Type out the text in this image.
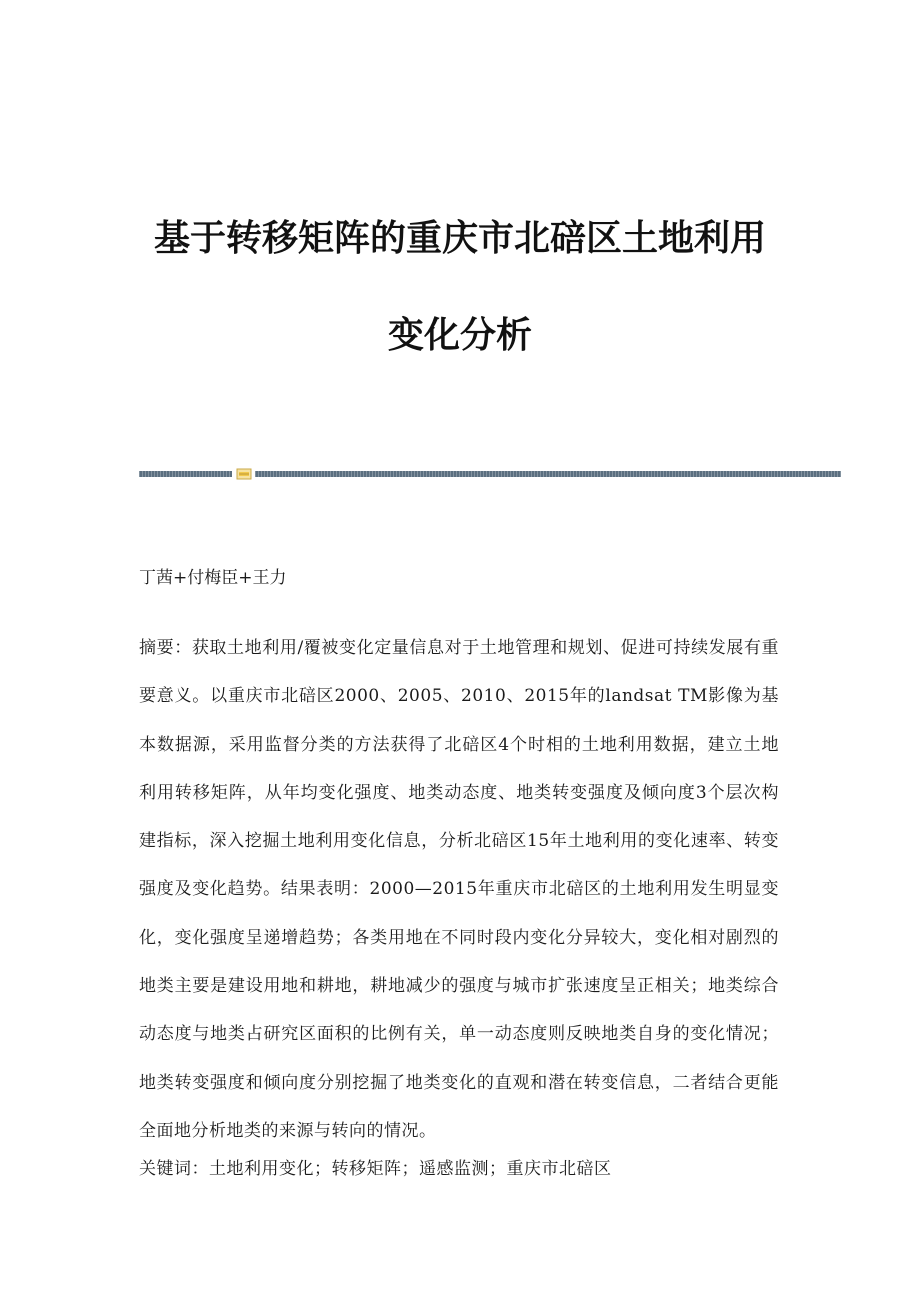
基于转移矩阵的重庆市北碚区土地利用
变化分析

丁茜+付梅臣+王力

摘要：获取土地利用/覆被变化定量信息对于土地管理和规划、促进可持续发展有重要意义。以重庆市北碚区2000、2005、2010、2015年的landsat TM影像为基本数据源，采用监督分类的方法获得了北碚区4个时相的土地利用数据，建立土地利用转移矩阵，从年均变化强度、地类动态度、地类转变强度及倾向度3个层次构建指标，深入挖掘土地利用变化信息，分析北碚区15年土地利用的变化速率、转变强度及变化趋势。结果表明：2000—2015年重庆市北碚区的土地利用发生明显变化，变化强度呈递增趋势；各类用地在不同时段内变化分异较大，变化相对剧烈的地类主要是建设用地和耕地，耕地减少的强度与城市扩张速度呈正相关；地类综合动态度与地类占研究区面积的比例有关，单一动态度则反映地类自身的变化情况；地类转变强度和倾向度分别挖掘了地类变化的直观和潜在转变信息，二者结合更能全面地分析地类的来源与转向的情况。

关键词：土地利用变化；转移矩阵；遥感监测；重庆市北碚区
